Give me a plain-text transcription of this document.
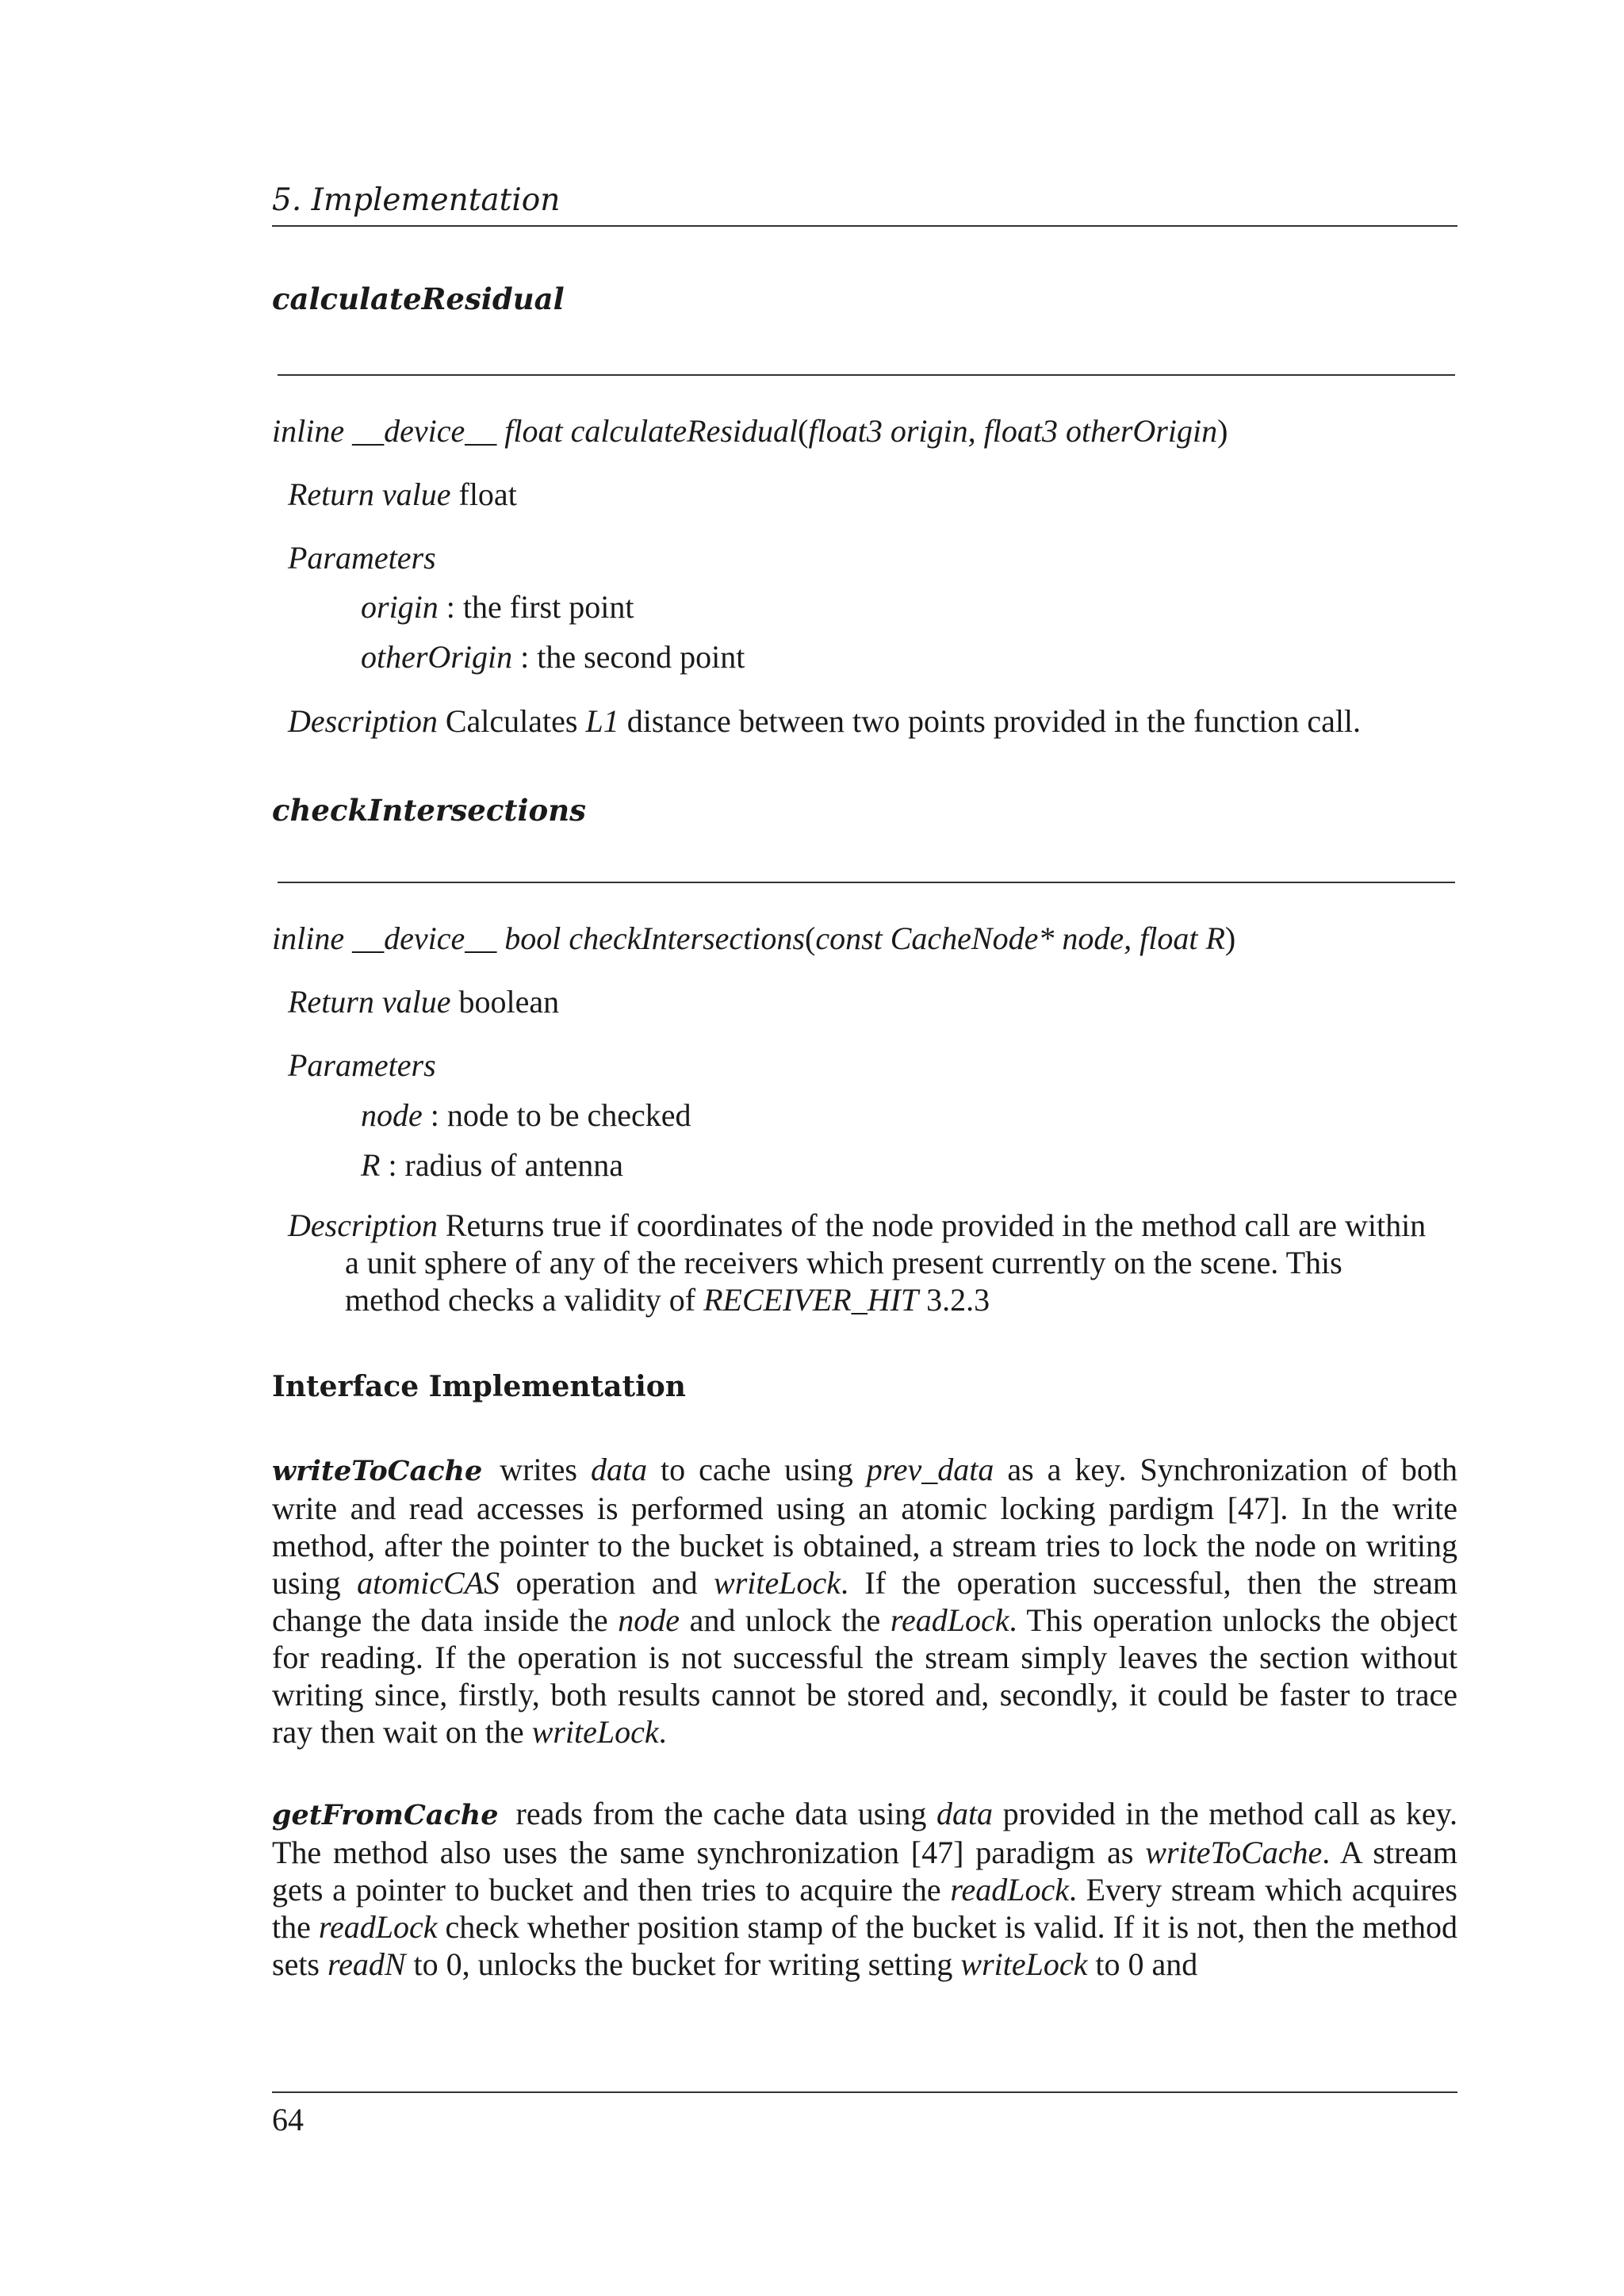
5. Implementation
calculateResidual
inline __device__ float calculateResidual(float3 origin, float3 otherOrigin)
Return value float
Parameters
origin : the first point
otherOrigin : the second point
Description Calculates L1 distance between two points provided in the function call.
checkIntersections
inline __device__ bool checkIntersections(const CacheNode* node, float R)
Return value boolean
Parameters
node : node to be checked
R : radius of antenna
Description Returns true if coordinates of the node provided in the method call are within
a unit sphere of any of the receivers which present currently on the scene. This
method checks a validity of RECEIVER_HIT 3.2.3
Interface Implementation
writeToCache writes data to cache using prev_data as a key. Synchronization of both write and read accesses is performed using an atomic locking pardigm [47]. In the write method, after the pointer to the bucket is obtained, a stream tries to lock the node on writing using atomicCAS operation and writeLock. If the operation successful, then the stream change the data inside the node and unlock the readLock. This operation unlocks the object for reading. If the operation is not successful the stream simply leaves the section without writing since, firstly, both results cannot be stored and, secondly, it could be faster to trace ray then wait on the writeLock.
getFromCache reads from the cache data using data provided in the method call as key. The method also uses the same synchronization [47] paradigm as writeToCache. A stream gets a pointer to bucket and then tries to acquire the readLock. Every stream which acquires the readLock check whether position stamp of the bucket is valid. If it is not, then the method sets readN to 0, unlocks the bucket for writing setting writeLock to 0 and
64
